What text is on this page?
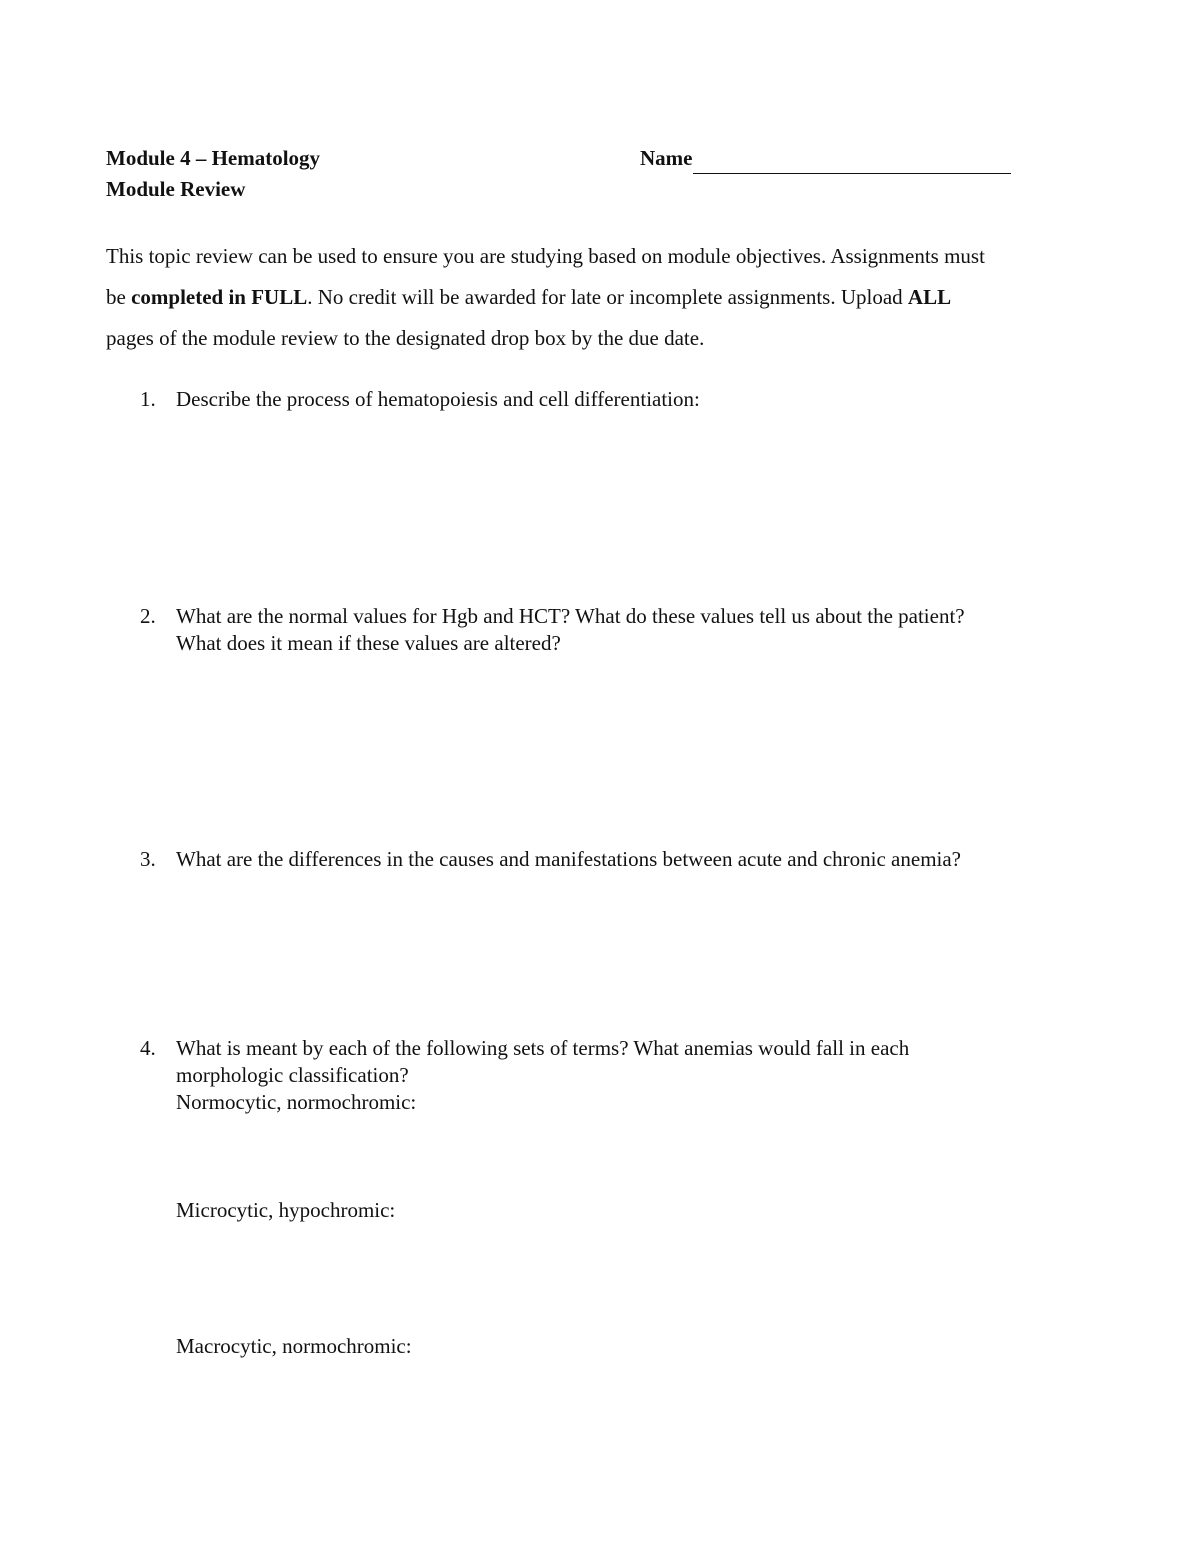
Module 4 – Hematology
Module Review
Name
This topic review can be used to ensure you are studying based on module objectives. Assignments must
be completed in FULL. No credit will be awarded for late or incomplete assignments. Upload ALL
pages of the module review to the designated drop box by the due date.
1. Describe the process of hematopoiesis and cell differentiation:
2. What are the normal values for Hgb and HCT? What do these values tell us about the patient?
What does it mean if these values are altered?
3. What are the differences in the causes and manifestations between acute and chronic anemia?
4. What is meant by each of the following sets of terms? What anemias would fall in each
morphologic classification?
Normocytic, normochromic:
Microcytic, hypochromic:
Macrocytic, normochromic:
